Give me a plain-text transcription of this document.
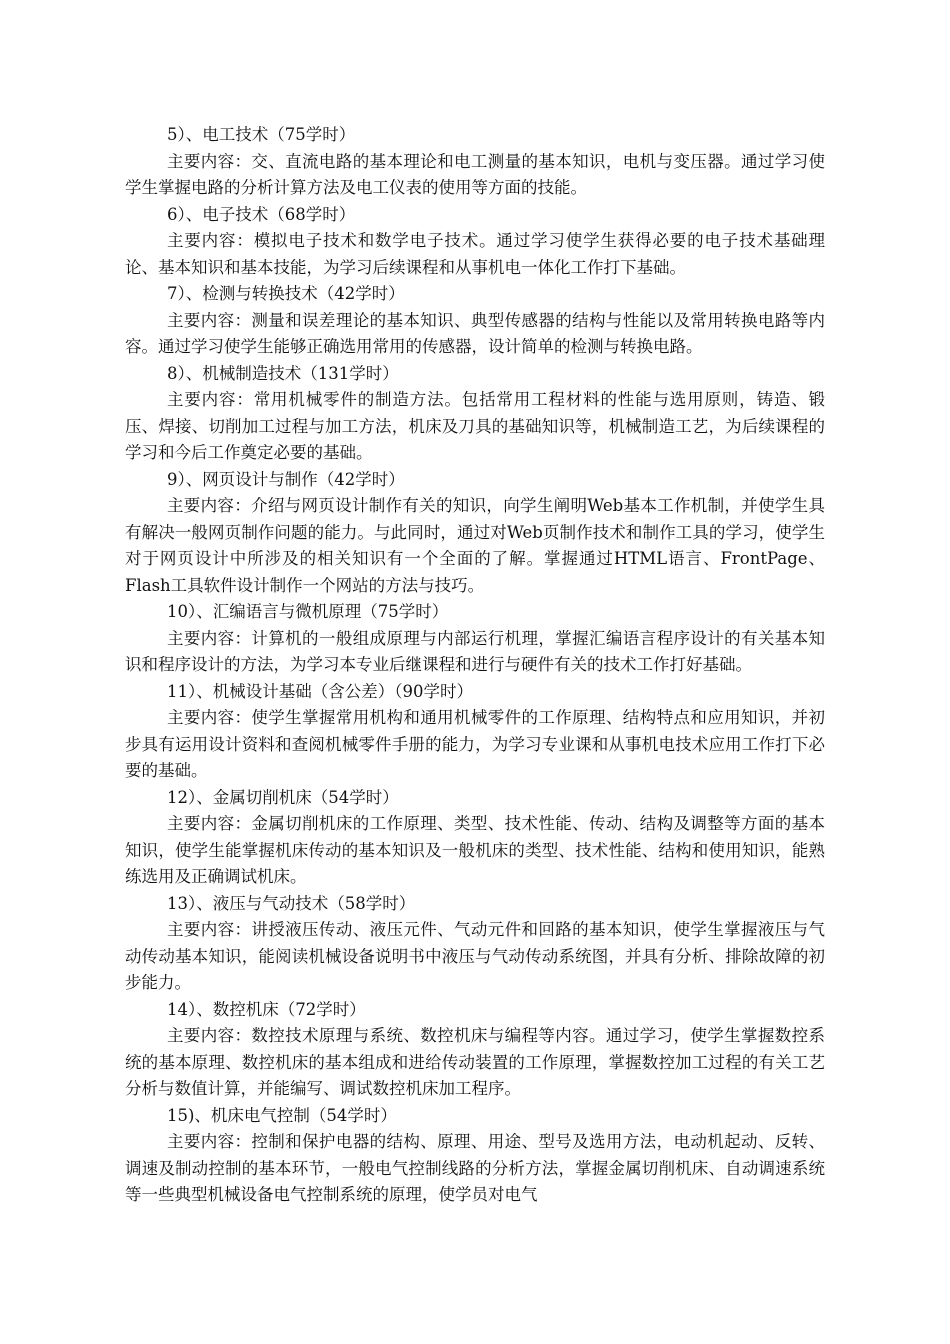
5）、电工技术（75学时）

主要内容：交、直流电路的基本理论和电工测量的基本知识，电机与变压器。通过学习使学生掌握电路的分析计算方法及电工仪表的使用等方面的技能。

6）、电子技术（68学时）

主要内容：模拟电子技术和数学电子技术。通过学习使学生获得必要的电子技术基础理论、基本知识和基本技能，为学习后续课程和从事机电一体化工作打下基础。

7）、检测与转换技术（42学时）

主要内容：测量和误差理论的基本知识、典型传感器的结构与性能以及常用转换电路等内容。通过学习使学生能够正确选用常用的传感器，设计简单的检测与转换电路。

8）、机械制造技术（131学时）

主要内容：常用机械零件的制造方法。包括常用工程材料的性能与选用原则，铸造、锻压、焊接、切削加工过程与加工方法，机床及刀具的基础知识等，机械制造工艺，为后续课程的学习和今后工作奠定必要的基础。

9）、网页设计与制作（42学时）

主要内容：介绍与网页设计制作有关的知识，向学生阐明Web基本工作机制，并使学生具有解决一般网页制作问题的能力。与此同时，通过对Web页制作技术和制作工具的学习，使学生对于网页设计中所涉及的相关知识有一个全面的了解。掌握通过HTML语言、FrontPage、Flash工具软件设计制作一个网站的方法与技巧。

10）、汇编语言与微机原理（75学时）

主要内容：计算机的一般组成原理与内部运行机理，掌握汇编语言程序设计的有关基本知识和程序设计的方法，为学习本专业后继课程和进行与硬件有关的技术工作打好基础。

11）、机械设计基础（含公差）（90学时）

主要内容：使学生掌握常用机构和通用机械零件的工作原理、结构特点和应用知识，并初步具有运用设计资料和查阅机械零件手册的能力，为学习专业课和从事机电技术应用工作打下必要的基础。

12）、金属切削机床（54学时）

主要内容：金属切削机床的工作原理、类型、技术性能、传动、结构及调整等方面的基本知识，使学生能掌握机床传动的基本知识及一般机床的类型、技术性能、结构和使用知识，能熟练选用及正确调试机床。

13）、液压与气动技术（58学时）

主要内容：讲授液压传动、液压元件、气动元件和回路的基本知识，使学生掌握液压与气动传动基本知识，能阅读机械设备说明书中液压与气动传动系统图，并具有分析、排除故障的初步能力。

14）、数控机床（72学时）

主要内容：数控技术原理与系统、数控机床与编程等内容。通过学习，使学生掌握数控系统的基本原理、数控机床的基本组成和进给传动装置的工作原理，掌握数控加工过程的有关工艺分析与数值计算，并能编写、调试数控机床加工程序。

15)、机床电气控制（54学时）

主要内容：控制和保护电器的结构、原理、用途、型号及选用方法，电动机起动、反转、调速及制动控制的基本环节，一般电气控制线路的分析方法，掌握金属切削机床、自动调速系统等一些典型机械设备电气控制系统的原理，使学员对电气
